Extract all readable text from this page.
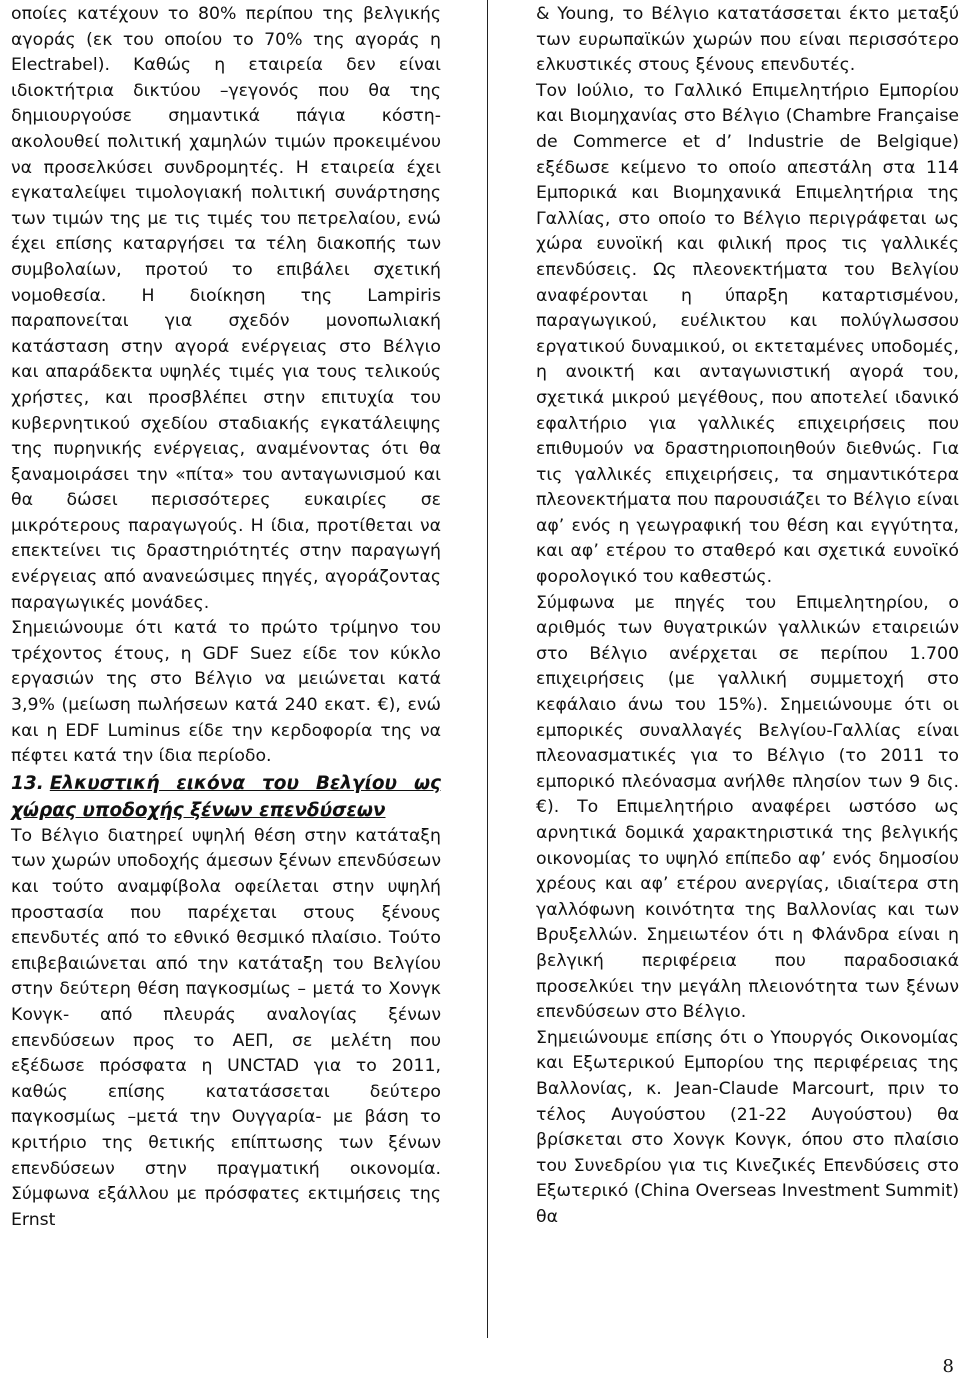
οποίες κατέχουν το 80% περίπου της βελγικής αγοράς (εκ του οποίου το 70% της αγοράς η Electrabel). Καθώς η εταιρεία δεν είναι ιδιοκτήτρια δικτύου –γεγονός που θα της δημιουργούσε σημαντικά πάγια κόστη- ακολουθεί πολιτική χαμηλών τιμών προκειμένου να προσελκύσει συνδρομητές. Η εταιρεία έχει εγκαταλείψει τιμολογιακή πολιτική συνάρτησης των τιμών της με τις τιμές του πετρελαίου, ενώ έχει επίσης καταργήσει τα τέλη διακοπής των συμβολαίων, προτού το επιβάλει σχετική νομοθεσία. Η διοίκηση της Lampiris παραπονείται για σχεδόν μονοπωλιακή κατάσταση στην αγορά ενέργειας στο Βέλγιο και απαράδεκτα υψηλές τιμές για τους τελικούς χρήστες, και προσβλέπει στην επιτυχία του κυβερνητικού σχεδίου σταδιακής εγκατάλειψης της πυρηνικής ενέργειας, αναμένοντας ότι θα ξαναμοιράσει την «πίτα» του ανταγωνισμού και θα δώσει περισσότερες ευκαιρίες σε μικρότερους παραγωγούς. Η ίδια, προτίθεται να επεκτείνει τις δραστηριότητές στην παραγωγή ενέργειας από ανανεώσιμες πηγές, αγοράζοντας παραγωγικές μονάδες.

Σημειώνουμε ότι κατά το πρώτο τρίμηνο του τρέχοντος έτους, η GDF Suez είδε τον κύκλο εργασιών της στο Βέλγιο να μειώνεται κατά 3,9% (μείωση πωλήσεων κατά 240 εκατ. €), ενώ και η EDF Luminus είδε την κερδοφορία της να πέφτει κατά την ίδια περίοδο.

13. Ελκυστική εικόνα του Βελγίου ως χώρας υποδοχής ξένων επενδύσεων

Το Βέλγιο διατηρεί υψηλή θέση στην κατάταξη των χωρών υποδοχής άμεσων ξένων επενδύσεων και τούτο αναμφίβολα οφείλεται στην υψηλή προστασία που παρέχεται στους ξένους επενδυτές από το εθνικό θεσμικό πλαίσιο. Τούτο επιβεβαιώνεται από την κατάταξη του Βελγίου στην δεύτερη θέση παγκοσμίως – μετά το Χονγκ Κονγκ- από πλευράς αναλογίας ξένων επενδύσεων προς το ΑΕΠ, σε μελέτη που εξέδωσε πρόσφατα η UNCTAD για το 2011, καθώς επίσης κατατάσσεται δεύτερο παγκοσμίως –μετά την Ουγγαρία- με βάση το κριτήριο της θετικής επίπτωσης των ξένων επενδύσεων στην πραγματική οικονομία. Σύμφωνα εξάλλου με πρόσφατες εκτιμήσεις της Ernst

& Young, το Βέλγιο κατατάσσεται έκτο μεταξύ των ευρωπαϊκών χωρών που είναι περισσότερο ελκυστικές στους ξένους επενδυτές.

Τον Ιούλιο, το Γαλλικό Επιμελητήριο Εμπορίου και Βιομηχανίας στο Βέλγιο (Chambre Française de Commerce et d’ Industrie de Belgique) εξέδωσε κείμενο το οποίο απεστάλη στα 114 Εμπορικά και Βιομηχανικά Επιμελητήρια της Γαλλίας, στο οποίο το Βέλγιο περιγράφεται ως χώρα ευνοϊκή και φιλική προς τις γαλλικές επενδύσεις. Ως πλεονεκτήματα του Βελγίου αναφέρονται η ύπαρξη καταρτισμένου, παραγωγικού, ευέλικτου και πολύγλωσσου εργατικού δυναμικού, οι εκτεταμένες υποδομές, η ανοικτή και ανταγωνιστική αγορά του, σχετικά μικρού μεγέθους, που αποτελεί ιδανικό εφαλτήριο για γαλλικές επιχειρήσεις που επιθυμούν να δραστηριοποιηθούν διεθνώς. Για τις γαλλικές επιχειρήσεις, τα σημαντικότερα πλεονεκτήματα που παρουσιάζει το Βέλγιο είναι αφ’ ενός η γεωγραφική του θέση και εγγύτητα, και αφ’ ετέρου το σταθερό και σχετικά ευνοϊκό φορολογικό του καθεστώς.

Σύμφωνα με πηγές του Επιμελητηρίου, ο αριθμός των θυγατρικών γαλλικών εταιρειών στο Βέλγιο ανέρχεται σε περίπου 1.700 επιχειρήσεις (με γαλλική συμμετοχή στο κεφάλαιο άνω του 15%). Σημειώνουμε ότι οι εμπορικές συναλλαγές Βελγίου-Γαλλίας είναι πλεονασματικές για το Βέλγιο (το 2011 το εμπορικό πλεόνασμα ανήλθε πλησίον των 9 δις. €). Το Επιμελητήριο αναφέρει ωστόσο ως αρνητικά δομικά χαρακτηριστικά της βελγικής οικονομίας το υψηλό επίπεδο αφ’ ενός δημοσίου χρέους και αφ’ ετέρου ανεργίας, ιδιαίτερα στη γαλλόφωνη κοινότητα της Βαλλονίας και των Βρυξελλών. Σημειωτέον ότι η Φλάνδρα είναι η βελγική περιφέρεια που παραδοσιακά προσελκύει την μεγάλη πλειονότητα των ξένων επενδύσεων στο Βέλγιο.

Σημειώνουμε επίσης ότι ο Υπουργός Οικονομίας και Εξωτερικού Εμπορίου της περιφέρειας της Βαλλονίας, κ. Jean-Claude Marcourt, πριν το τέλος Αυγούστου (21-22 Αυγούστου) θα βρίσκεται στο Χονγκ Κονγκ, όπου στο πλαίσιο του Συνεδρίου για τις Κινεζικές Επενδύσεις στο Εξωτερικό (China Overseas Investment Summit) θα

8
